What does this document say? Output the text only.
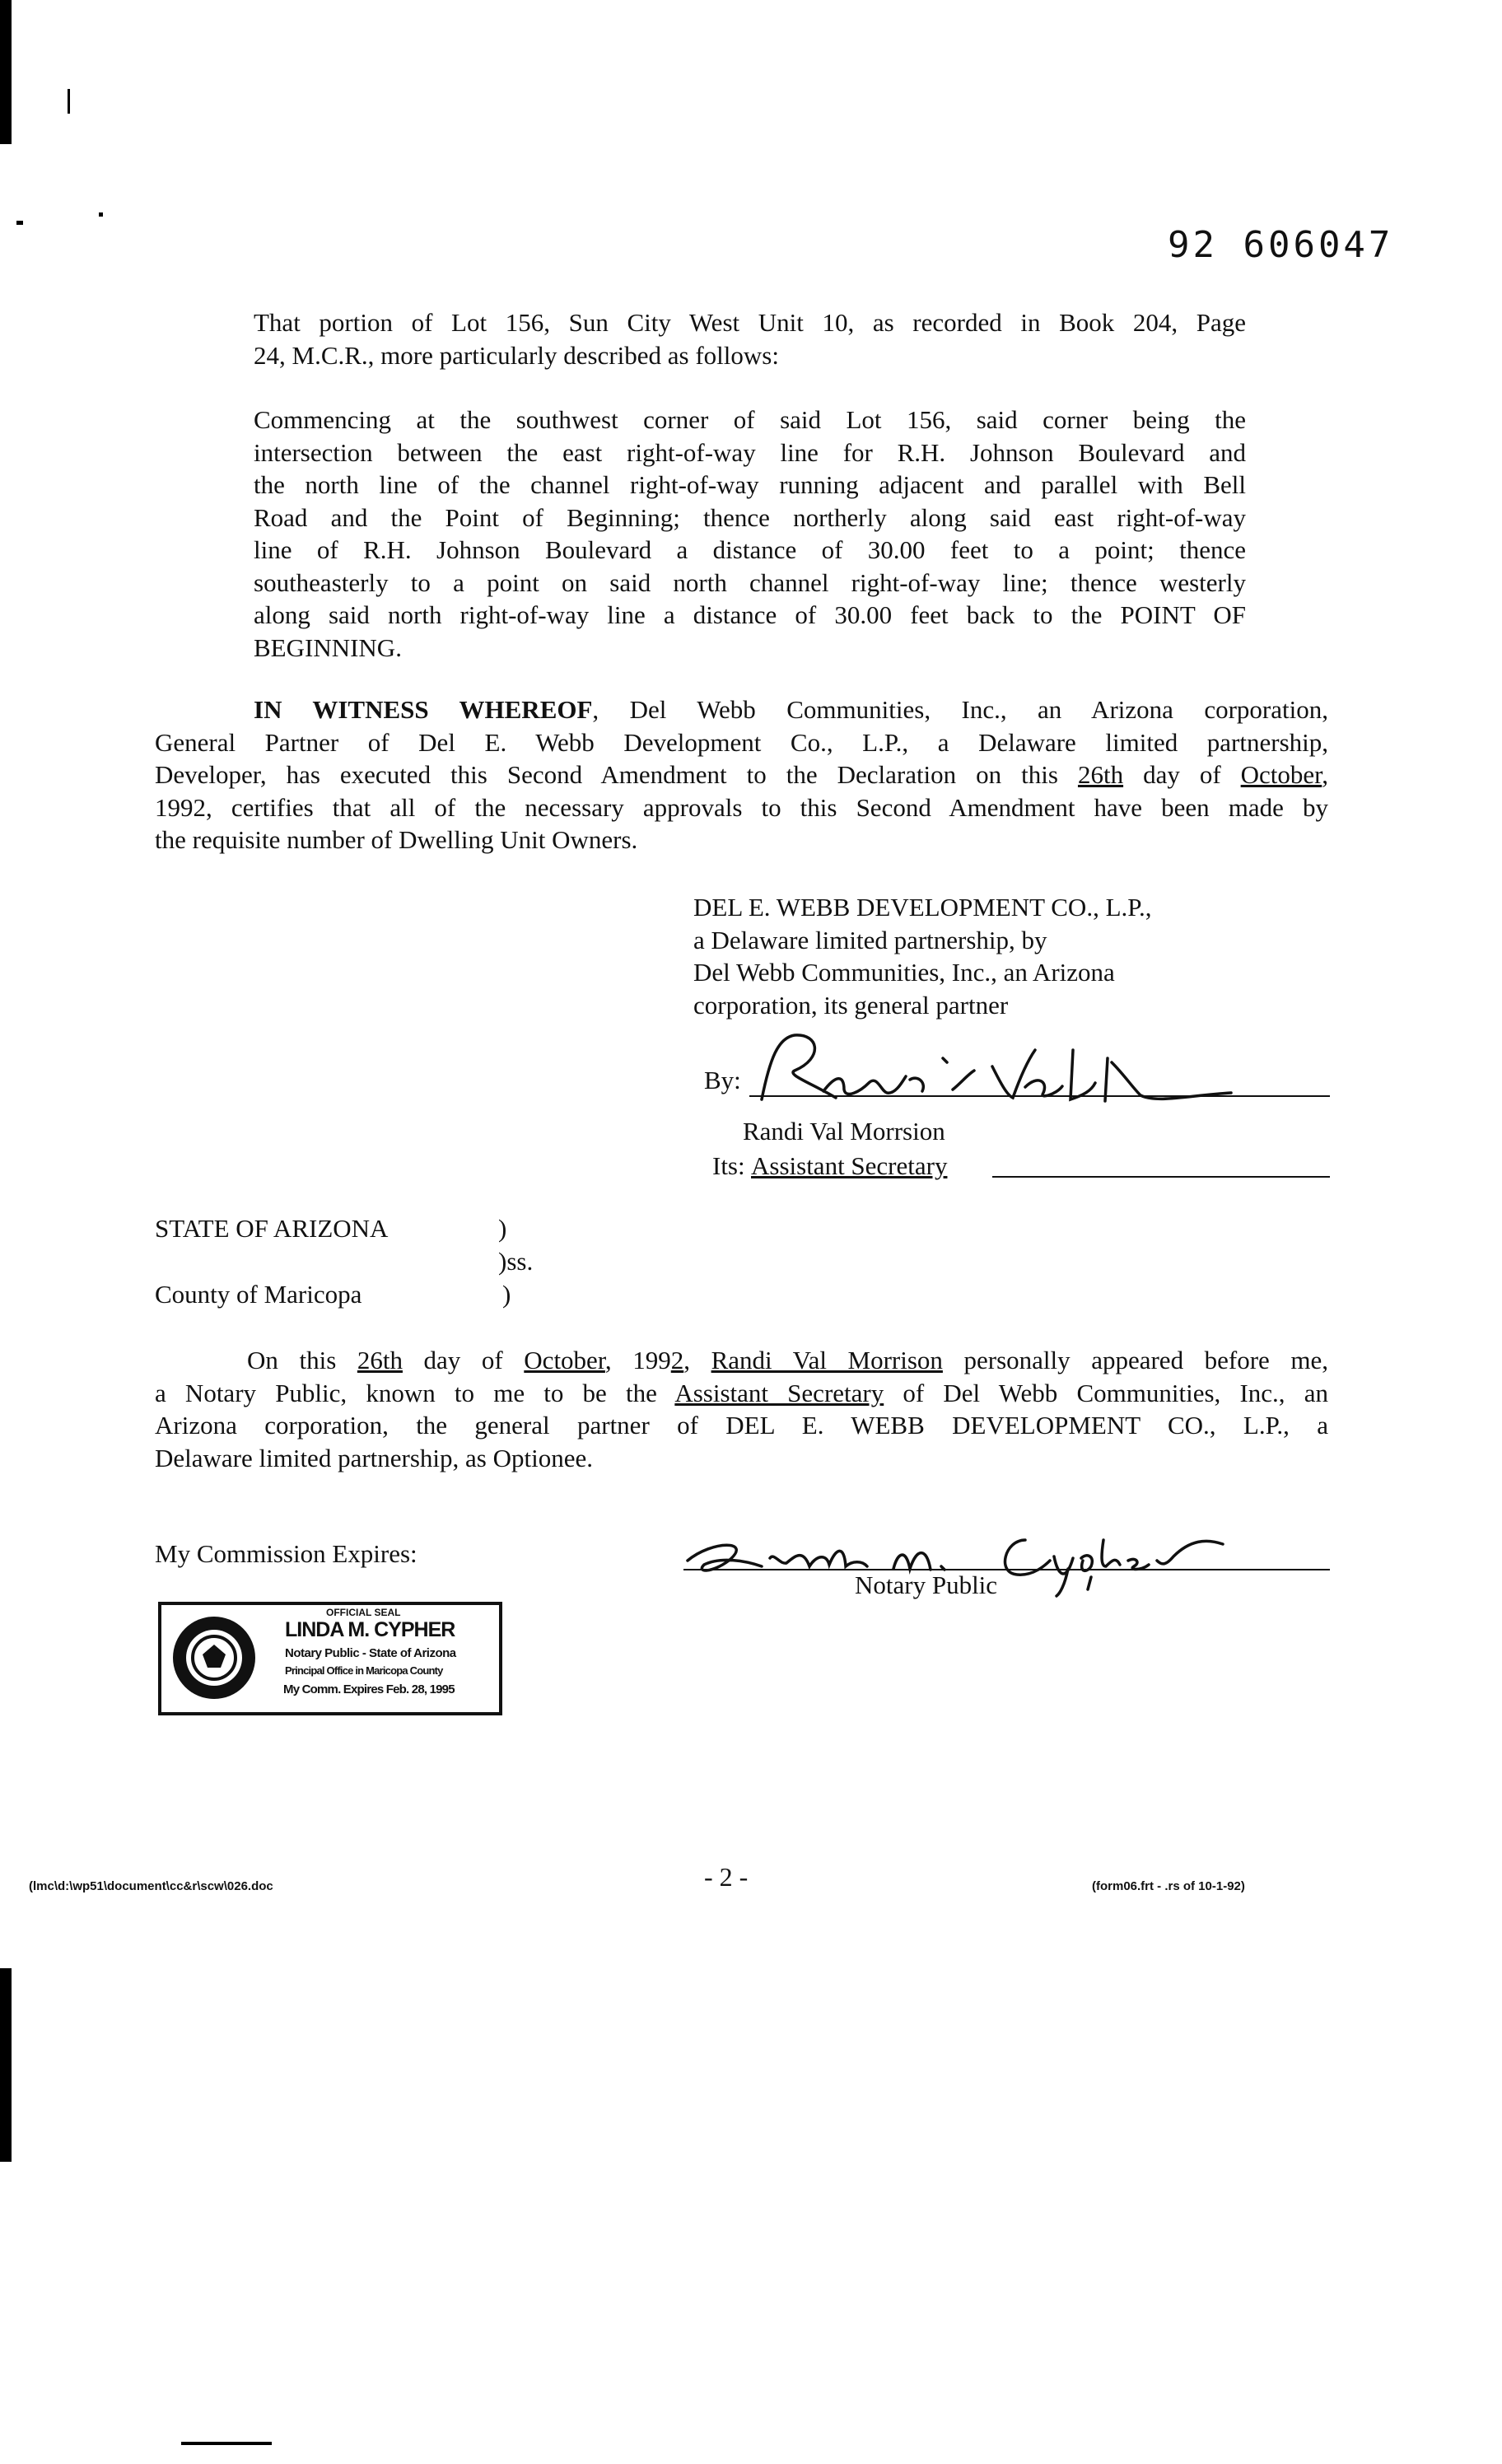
92 606047
That portion of Lot 156, Sun City West Unit 10, as recorded in Book 204, Page
24, M.C.R., more particularly described as follows:
Commencing at the southwest corner of said Lot 156, said corner being the
intersection between the east right-of-way line for R.H. Johnson Boulevard and
the north line of the channel right-of-way running adjacent and parallel with Bell
Road and the Point of Beginning; thence northerly along said east right-of-way
line of R.H. Johnson Boulevard a distance of 30.00 feet to a point; thence
southeasterly to a point on said north channel right-of-way line; thence westerly
along said north right-of-way line a distance of 30.00 feet back to the POINT OF
BEGINNING.
IN WITNESS WHEREOF, Del Webb Communities, Inc., an Arizona corporation,
General Partner of Del E. Webb Development Co., L.P., a Delaware limited partnership,
Developer, has executed this Second Amendment to the Declaration on this 26th day of October,
1992, certifies that all of the necessary approvals to this Second Amendment have been made by
the requisite number of Dwelling Unit Owners.
DEL E. WEBB DEVELOPMENT CO., L.P.,
a Delaware limited partnership, by
Del Webb Communities, Inc., an Arizona
corporation, its general partner
By:
Randi Val Morrsion
Its: Assistant Secretary
STATE OF ARIZONA	)
)ss.
County of Maricopa	)
On this 26th day of October, 1992, Randi Val Morrison personally appeared before me,
a Notary Public, known to me to be the Assistant Secretary of Del Webb Communities, Inc., an
Arizona corporation, the general partner of DEL E. WEBB DEVELOPMENT CO., L.P., a
Delaware limited partnership, as Optionee.
My Commission Expires:
Notary Public
OFFICIAL SEAL
LINDA M. CYPHER
Notary Public - State of Arizona
Principal Office in Maricopa County
My Comm. Expires Feb. 28, 1995
(lmc\d:\wp51\document\cc&r\scw\026.doc	- 2 -	(form06.frt - .rs of 10-1-92)
